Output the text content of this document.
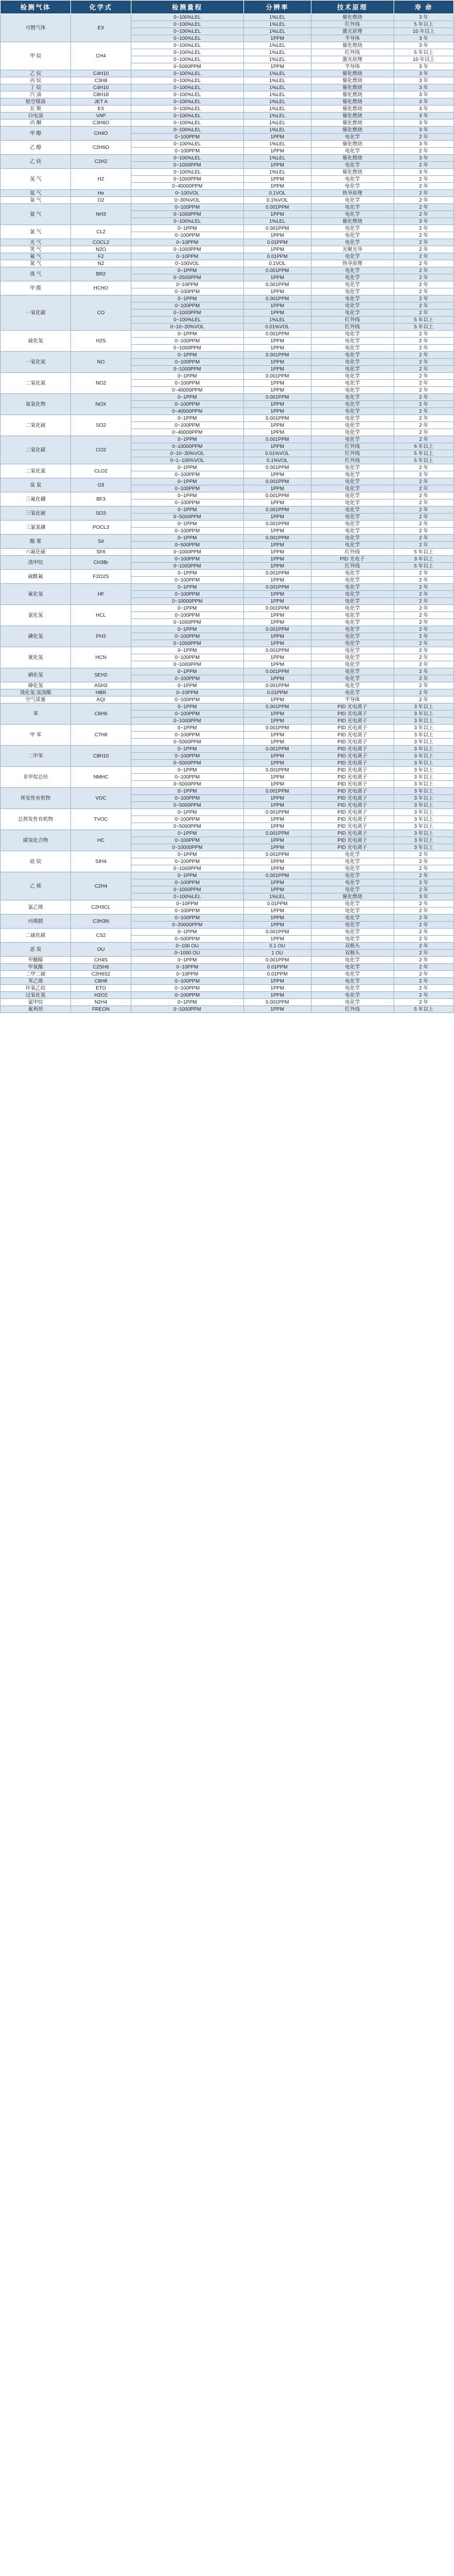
检测气体	化学式	检测量程	分辨率	技术原理	寿 命
可燃气体	EX	0~100%LEL	1%LEL	催化燃烧	3 年
		0~100%LEL	1%LEL	红外线	5 年以上
		0~100%LEL	1%LEL	激光原理	10 年以上
		0~100%LEL	1PPM	半导体	3 年
甲 烷	CH4	0~100%LEL	1%LEL	催化燃烧	3 年
		0~100%LEL	1%LEL	红外线	5 年以上
		0~100%LEL	1%LEL	激光原理	10 年以上
		0~5000PPM	1PPM	半导体	3 年
乙 烷	C4H10	0~100%LEL	1%LEL	催化燃烧	3 年
丙 烷	C3H8	0~100%LEL	1%LEL	催化燃烧	3 年
丁 烷	C4H10	0~100%LEL	1%LEL	催化燃烧	3 年
汽 油	C8H18	0~100%LEL	1%LEL	催化燃烧	3 年
航空煤油	JET A	0~100%LEL	1%LEL	催化燃烧	3 年
瓦 斯	EX	0~100%LEL	1%LEL	催化燃烧	3 年
白电油	VAP	0~100%LEL	1%LEL	催化燃烧	3 年
丙 酮	C3H6O	0~100%LEL	1%LEL	催化燃烧	3 年
甲 醇	CH4O	0~100%LEL	1%LEL	催化燃烧	3 年
		0~100PPM	1PPM	电化学	2 年
乙 醇	C2H6O	0~100%LEL	1%LEL	催化燃烧	3 年
		0~100PPM	1PPM	电化学	2 年
乙 炔	C2H2	0~100%LEL	1%LEL	催化燃烧	3 年
		0~1000PPM	1PPM	电化学	2 年
氢 气	H2	0~100%LEL	1%LEL	催化燃烧	3 年
		0~1000PPM	1PPM	电化学	2 年
		0~40000PPM	1PPM	电化学	2 年
氦 气	He	0~100VOL	0.1VOL	热导原理	2 年
氧 气	O2	0~30%VOL	0.1%VOL	电化学	2 年
氨 气	NH3	0~100PPM	0.001PPM	电化学	2 年
		0~1000PPM	1PPM	电化学	2 年
		0~100%LEL	1%LEL	催化燃烧	3 年
氯 气	CL2	0~1PPM	0.001PPM	电化学	2 年
		0~100PPM	1PPM	电化学	2 年
光 气	COCL2	0~10PPM	0.01PPM	电化学	2 年
笑 气	N2O	0~1000PPM	1PPM	光聚光导	2 年
氟 气	F2	0~10PPM	0.01PPM	电化学	2 年
氮 气	N2	0~100VOL	0.1VOL	热导原理	2 年
溴 气	BR2	0~1PPM	0.001PPM	电化学	2 年
		0~2500PPM	1PPM	电化学	2 年
甲 醛	HCHO	0~10PPM	0.001PPM	电化学	2 年
		0~100PPM	1PPM	电化学	2 年
一氧化碳	CO	0~1PPM	0.001PPM	电化学	2 年
		0~100PPM	1PPM	电化学	2 年
		0~1000PPM	1PPM	电化学	2 年
		0~100%LEL	1%LEL	红外线	5 年以上
		0~10~20%VOL	0.01%VOL	红外线	5 年以上
硫化氢	H2S	0~1PPM	0.001PPM	电化学	2 年
		0~100PPM	1PPM	电化学	2 年
		0~1000PPM	1PPM	电化学	2 年
一氧化氮	NO	0~1PPM	0.001PPM	电化学	2 年
		0~100PPM	1PPM	电化学	2 年
		0~1000PPM	1PPM	电化学	2 年
二氧化氮	NO2	0~1PPM	0.001PPM	电化学	2 年
		0~100PPM	1PPM	电化学	2 年
		0~40000PPM	1PPM	电化学	2 年
氮氧化物	NOX	0~1PPM	0.001PPM	电化学	2 年
		0~100PPM	1PPM	电化学	2 年
		0~40000PPM	1PPM	电化学	2 年
二氧化硫	SO2	0~1PPM	0.001PPM	电化学	2 年
		0~100PPM	1PPM	电化学	2 年
		0~40000PPM	1PPM	电化学	2 年
二氧化碳	CO2	0~1PPM	0.001PPM	电化学	2 年
		0~10000PPM	1PPM	红外线	6 年以上
		0~10~20%VOL	0.01%VOL	红外线	5 年以上
		0~1~100%VOL	0.1%VOL	红外线	5 年以上
二氧化氯	CLO2	0~1PPM	0.001PPM	电化学	2 年
		0~100PPM	1PPM	电化学	2 年
臭 氧	O3	0~1PPM	0.001PPM	电化学	2 年
		0~100PPM	1PPM	电化学	2 年
三氟化硼	BF3	0~1PPM	0.001PPM	电化学	2 年
		0~100PPM	1PPM	电化学	2 年
三氧化硫	SO3	0~1PPM	0.001PPM	电化学	2 年
		0~5000PPM	1PPM	电化学	2 年
三氯氧磷	POCL3	0~1PPM	0.001PPM	电化学	2 年
		0~100PPM	1PPM	电化学	2 年
酸 雾	S#	0~1PPM	0.001PPM	电化学	2 年
		0~500PPM	1PPM	电化学	2 年
六氟化硫	SF6	0~1000PPM	1PPM	红外线	5 年以上
溴甲烷	CH3Br	0~100PPM	1PPM	PID 光电子	3 年以上
		0~1000PPM	1PPM	红外线	5 年以上
硫酰氟	F2O2S	0~1PPM	0.001PPM	电化学	2 年
		0~100PPM	1PPM	电化学	2 年
氟化氢	HF	0~1PPM	0.001PPM	电化学	2 年
		0~100PPM	1PPM	电化学	2 年
		0~10000PPM	1PPM	电化学	2 年
氯化氢	HCL	0~1PPM	0.001PPM	电化学	2 年
		0~100PPM	1PPM	电化学	2 年
		0~1000PPM	1PPM	电化学	2 年
磷化氢	PH3	0~1PPM	0.001PPM	电化学	2 年
		0~100PPM	1PPM	电化学	2 年
		0~1000PPM	1PPM	电化学	2 年
氰化氢	HCN	0~1PPM	0.001PPM	电化学	2 年
		0~100PPM	1PPM	电化学	2 年
		0~1000PPM	1PPM	电化学	2 年
硒化氢	SEH2	0~1PPM	0.001PPM	电化学	2 年
		0~100PPM	1PPM	电化学	2 年
砷化氢	ASH3	0~1PPM	0.001PPM	电化学	2 年
溴化氢;氢溴酸	HBR	0~10PPM	0.01PPM	电化学	2 年
空气质量	AQI	0~100PPM	1PPM	半导体	2 年
苯	C6H6	0~1PPM	0.001PPM	PID 光电离子	3 年以上
		0~100PPM	1PPM	PID 光电离子	3 年以上
		0~1000PPM	1PPM	PID 光电离子	3 年以上
甲 苯	C7H8	0~1PPM	0.001PPM	PID 光电离子	3 年以上
		0~100PPM	1PPM	PID 光电离子	3 年以上
		0~5000PPM	1PPM	PID 光电离子	3 年以上
二甲苯	C8H10	0~1PPM	0.001PPM	PID 光电离子	3 年以上
		0~100PPM	1PPM	PID 光电离子	3 年以上
		0~5000PPM	1PPM	PID 光电离子	3 年以上
非甲烷总烃	NMHC	0~1PPM	0.001PPM	PID 光电离子	3 年以上
		0~100PPM	1PPM	PID 光电离子	3 年以上
		0~5000PPM	1PPM	PID 光电离子	3 年以上
挥发性有机物	VOC	0~1PPM	0.001PPM	PID 光电离子	3 年以上
		0~100PPM	1PPM	PID 光电离子	3 年以上
		0~5000PPM	1PPM	PID 光电离子	3 年以上
总挥发性有机物	TVOC	0~1PPM	0.001PPM	PID 光电离子	3 年以上
		0~100PPM	1PPM	PID 光电离子	3 年以上
		0~5000PPM	1PPM	PID 光电离子	3 年以上
碳氢化合物	HC	0~1PPM	0.001PPM	PID 光电离子	3 年以上
		0~100PPM	1PPM	PID 光电离子	3 年以上
		0~10000PPM	1PPM	PID 光电离子	3 年以上
硅 烷	SIH4	0~1PPM	0.001PPM	电化学	2 年
		0~100PPM	1PPM	电化学	2 年
		0~1000PPM	1PPM	电化学	2 年
乙 烯	C2H4	0~1PPM	0.001PPM	电化学	2 年
		0~100PPM	1PPM	电化学	2 年
		0~1000PPM	1PPM	电化学	2 年
		0~100%LEL	1%LEL	催化燃烧	3 年
氯乙烯	C2H3CL	0~10PPM	0.01PPM	电化学	2 年
		0~100PPM	1PPM	电化学	2 年
丙烯腈	C3H3N	0~100PPM	1PPM	电化学	2 年
		0~20000PPM	1PPM	电化学	2 年
二硫化碳	CS2	0~1PPM	0.001PPM	电化学	2 年
		0~500PPM	1PPM	电化学	2 年
恶 臭	OU	0~100 OU	0.1 OU	双极头	2 年
		0~1000 OU	1 OU	双极头	2 年
甲醚醇	CH4S	0~1PPM	0.001PPM	电化学	2 年
甲氧酸	C2SH6	0~10PPM	0.01PPM	电化学	2 年
二甲二硫	C2H6S2	0~10PPM	0.01PPM	电化学	2 年
苯乙烯	C8H8	0~100PPM	1PPM	电化学	2 年
环氧乙烷	ETO	0~100PPM	1PPM	电化学	2 年
过氧化氢	H2O2	0~100PPM	1PPM	电化学	2 年
氯甲烷	N2H4	0~1PPM	0.001PPM	电化学	2 年
氟利昂	FREON	0~1000PPM	1PPM	红外线	5 年以上
